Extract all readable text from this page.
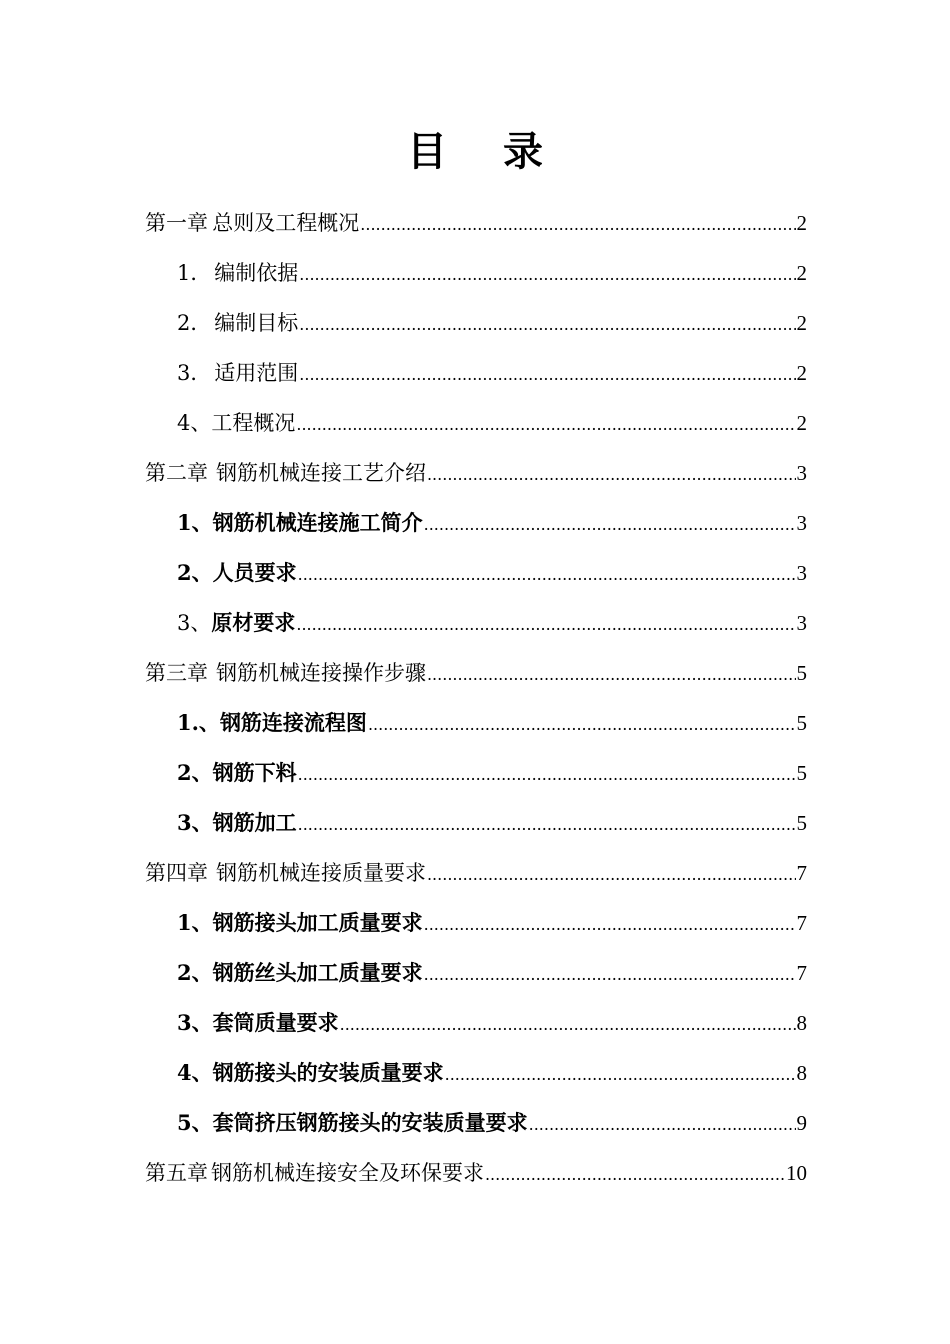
目 录
第一章 总则及工程概况 .....	2
1． 编制依据 .....	2
2． 编制目标 .....	2
3． 适用范围 .....	2
4、 工程概况 .....	2
第二章 钢筋机械连接工艺介绍 .....	3
1、 钢筋机械连接施工简介 .....	3
2、 人员要求 .....	3
3、 原材要求 .....	3
第三章 钢筋机械连接操作步骤 .....	5
1.、 钢筋连接流程图 .....	5
2、 钢筋下料 .....	5
3、 钢筋加工 .....	5
第四章 钢筋机械连接质量要求 .....	7
1、 钢筋接头加工质量要求 .....	7
2、 钢筋丝头加工质量要求 .....	7
3、 套筒质量要求 .....	8
4、 钢筋接头的安装质量要求 .....	8
5、 套筒挤压钢筋接头的安装质量要求 .....	9
第五章 钢筋机械连接安全及环保要求 .....	10
